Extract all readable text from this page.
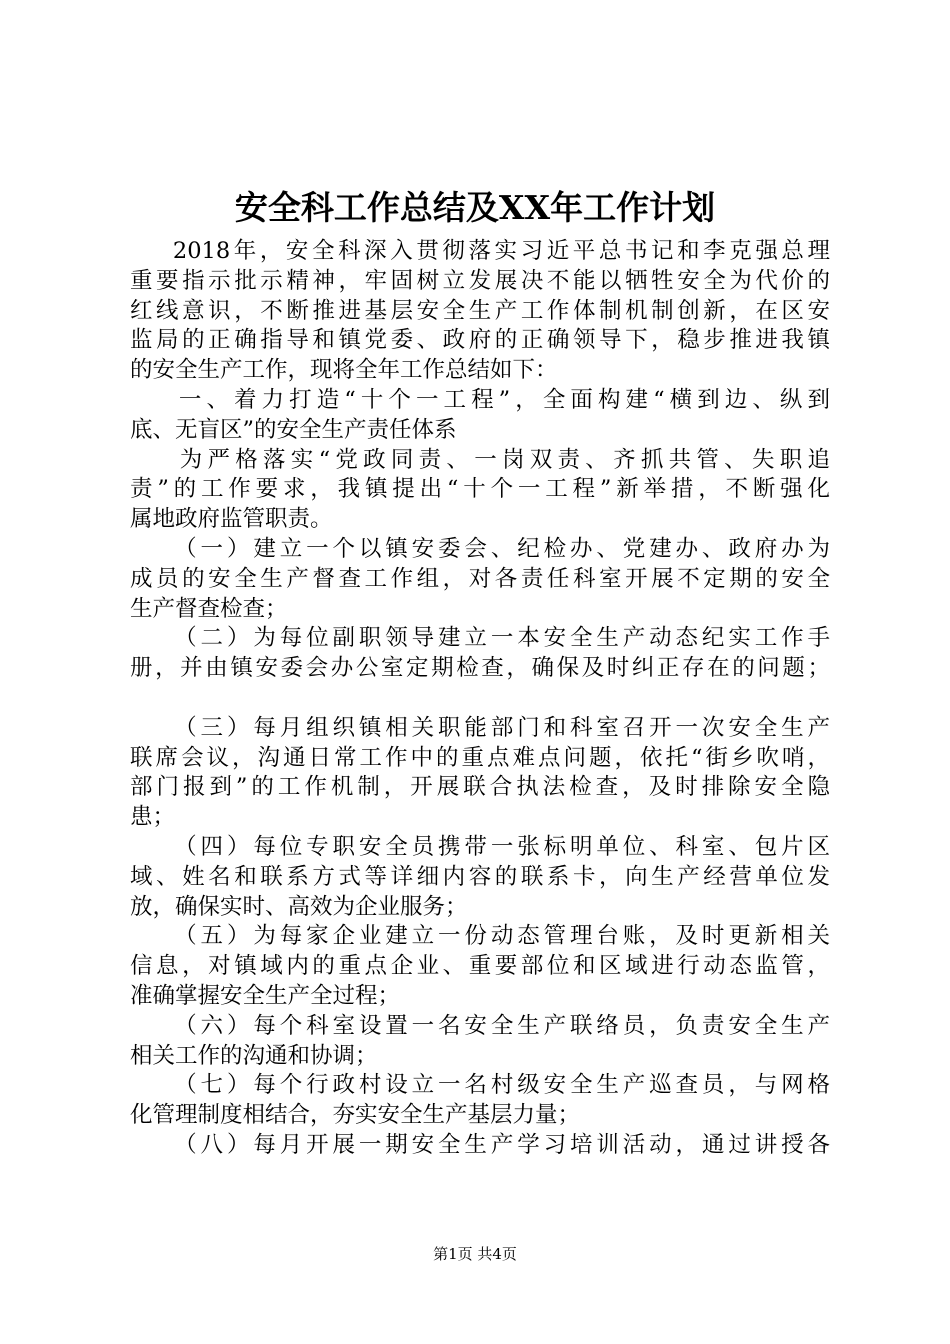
安全科工作总结及XX年工作计划
2018年，安全科深入贯彻落实习近平总书记和李克强总理
重要指示批示精神，牢固树立发展决不能以牺牲安全为代价的
红线意识，不断推进基层安全生产工作体制机制创新，在区安
监局的正确指导和镇党委、政府的正确领导下，稳步推进我镇
的安全生产工作，现将全年工作总结如下：
一、着力打造“十个一工程”，全面构建“横到边、纵到
底、无盲区”的安全生产责任体系
为严格落实“党政同责、一岗双责、齐抓共管、失职追
责”的工作要求，我镇提出“十个一工程”新举措，不断强化
属地政府监管职责。
（一）建立一个以镇安委会、纪检办、党建办、政府办为
成员的安全生产督查工作组，对各责任科室开展不定期的安全
生产督查检查；
（二）为每位副职领导建立一本安全生产动态纪实工作手
册，并由镇安委会办公室定期检查，确保及时纠正存在的问题；
（三）每月组织镇相关职能部门和科室召开一次安全生产
联席会议，沟通日常工作中的重点难点问题，依托“街乡吹哨，
部门报到”的工作机制，开展联合执法检查，及时排除安全隐
患；
（四）每位专职安全员携带一张标明单位、科室、包片区
域、姓名和联系方式等详细内容的联系卡，向生产经营单位发
放，确保实时、高效为企业服务；
（五）为每家企业建立一份动态管理台账，及时更新相关
信息，对镇域内的重点企业、重要部位和区域进行动态监管，
准确掌握安全生产全过程；
（六）每个科室设置一名安全生产联络员，负责安全生产
相关工作的沟通和协调；
（七）每个行政村设立一名村级安全生产巡查员，与网格
化管理制度相结合，夯实安全生产基层力量；
（八）每月开展一期安全生产学习培训活动，通过讲授各
第1页 共4页
